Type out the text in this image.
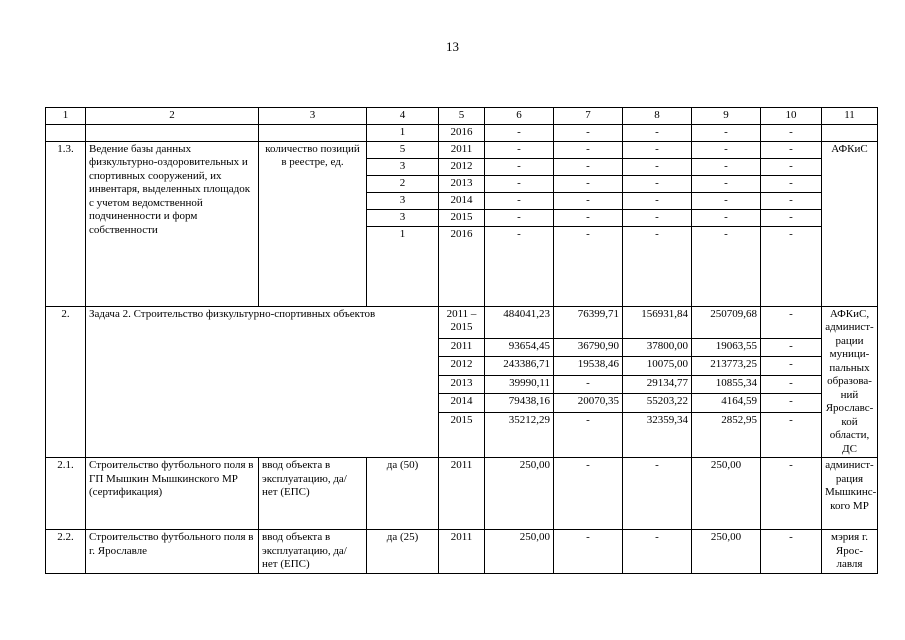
13
1	2	3	4	5	6	7	8	9	10	11
			1	2016	-	-	-	-	-	
1.3.	Ведение базы данных физкультурно-оздоровительных и спортивных сооружений, их инвентаря, выделенных площадок с учетом ведомственной подчиненности и форм собственности	количество позиций в реестре, ед.	5	2011	-	-	-	-	-	АФКиС
			3	2012	-	-	-	-	-	
			2	2013	-	-	-	-	-	
			3	2014	-	-	-	-	-	
			3	2015	-	-	-	-	-	
			1	2016	-	-	-	-	-	
2.	Задача 2. Строительство физкультурно-спортивных объектов			2011 – 2015	484041,23	76399,71	156931,84	250709,68	-	АФКиС, админист-рации муници-пальных образова-ний Ярославс-кой области, ДС
				2011	93654,45	36790,90	37800,00	19063,55	-	
				2012	243386,71	19538,46	10075,00	213773,25	-	
				2013	39990,11	-	29134,77	10855,34	-	
				2014	79438,16	20070,35	55203,22	4164,59	-	
				2015	35212,29	-	32359,34	2852,95	-	
2.1.	Строительство футбольного поля в ГП Мышкин Мышкинского МР (сертификация)	ввод объекта в эксплуатацию, да/ нет (ЕПС)	да (50)	2011	250,00	-	-	250,00	-	админист-рация Мышкинс-кого МР
2.2.	Строительство футбольного поля в г. Ярославле	ввод объекта в эксплуатацию, да/ нет (ЕПС)	да (25)	2011	250,00	-	-	250,00	-	мэрия г. Ярос-лавля
